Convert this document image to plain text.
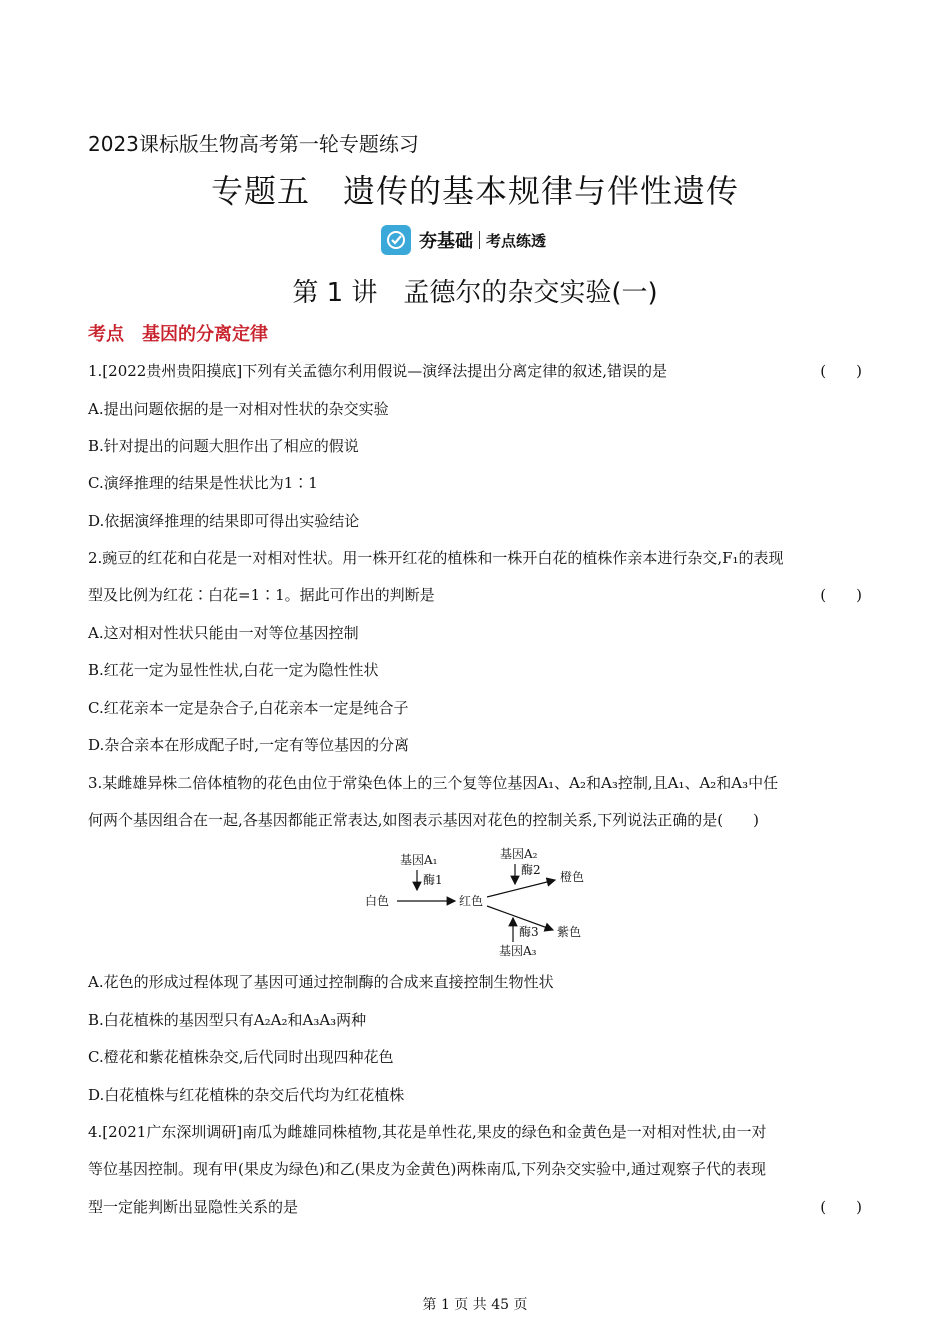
2023课标版生物高考第一轮专题练习
专题五　遗传的基本规律与伴性遗传
夯基础 考点练透
第 1 讲　孟德尔的杂交实验(一)
考点　基因的分离定律
1.[2022贵州贵阳摸底]下列有关孟德尔利用假说—演绎法提出分离定律的叙述,错误的是	(　　)
A.提出问题依据的是一对相对性状的杂交实验
B.针对提出的问题大胆作出了相应的假说
C.演绎推理的结果是性状比为1∶1
D.依据演绎推理的结果即可得出实验结论
2.豌豆的红花和白花是一对相对性状。用一株开红花的植株和一株开白花的植株作亲本进行杂交,F₁的表现
型及比例为红花∶白花=1∶1。据此可作出的判断是	(　　)
A.这对相对性状只能由一对等位基因控制
B.红花一定为显性性状,白花一定为隐性性状
C.红花亲本一定是杂合子,白花亲本一定是纯合子
D.杂合亲本在形成配子时,一定有等位基因的分离
3.某雌雄异株二倍体植物的花色由位于常染色体上的三个复等位基因A₁、A₂和A₃控制,且A₁、A₂和A₃中任
何两个基因组合在一起,各基因都能正常表达,如图表示基因对花色的控制关系,下列说法正确的是(　　)
基因A₁
酶1
白色	红色
基因A₂
酶2 橙色
紫色
酶3
基因A₃
A.花色的形成过程体现了基因可通过控制酶的合成来直接控制生物性状
B.白花植株的基因型只有A₂A₂和A₃A₃两种
C.橙花和紫花植株杂交,后代同时出现四种花色
D.白花植株与红花植株的杂交后代均为红花植株
4.[2021广东深圳调研]南瓜为雌雄同株植物,其花是单性花,果皮的绿色和金黄色是一对相对性状,由一对
等位基因控制。现有甲(果皮为绿色)和乙(果皮为金黄色)两株南瓜,下列杂交实验中,通过观察子代的表现
型一定能判断出显隐性关系的是	(　　)
第 1 页 共 45 页
